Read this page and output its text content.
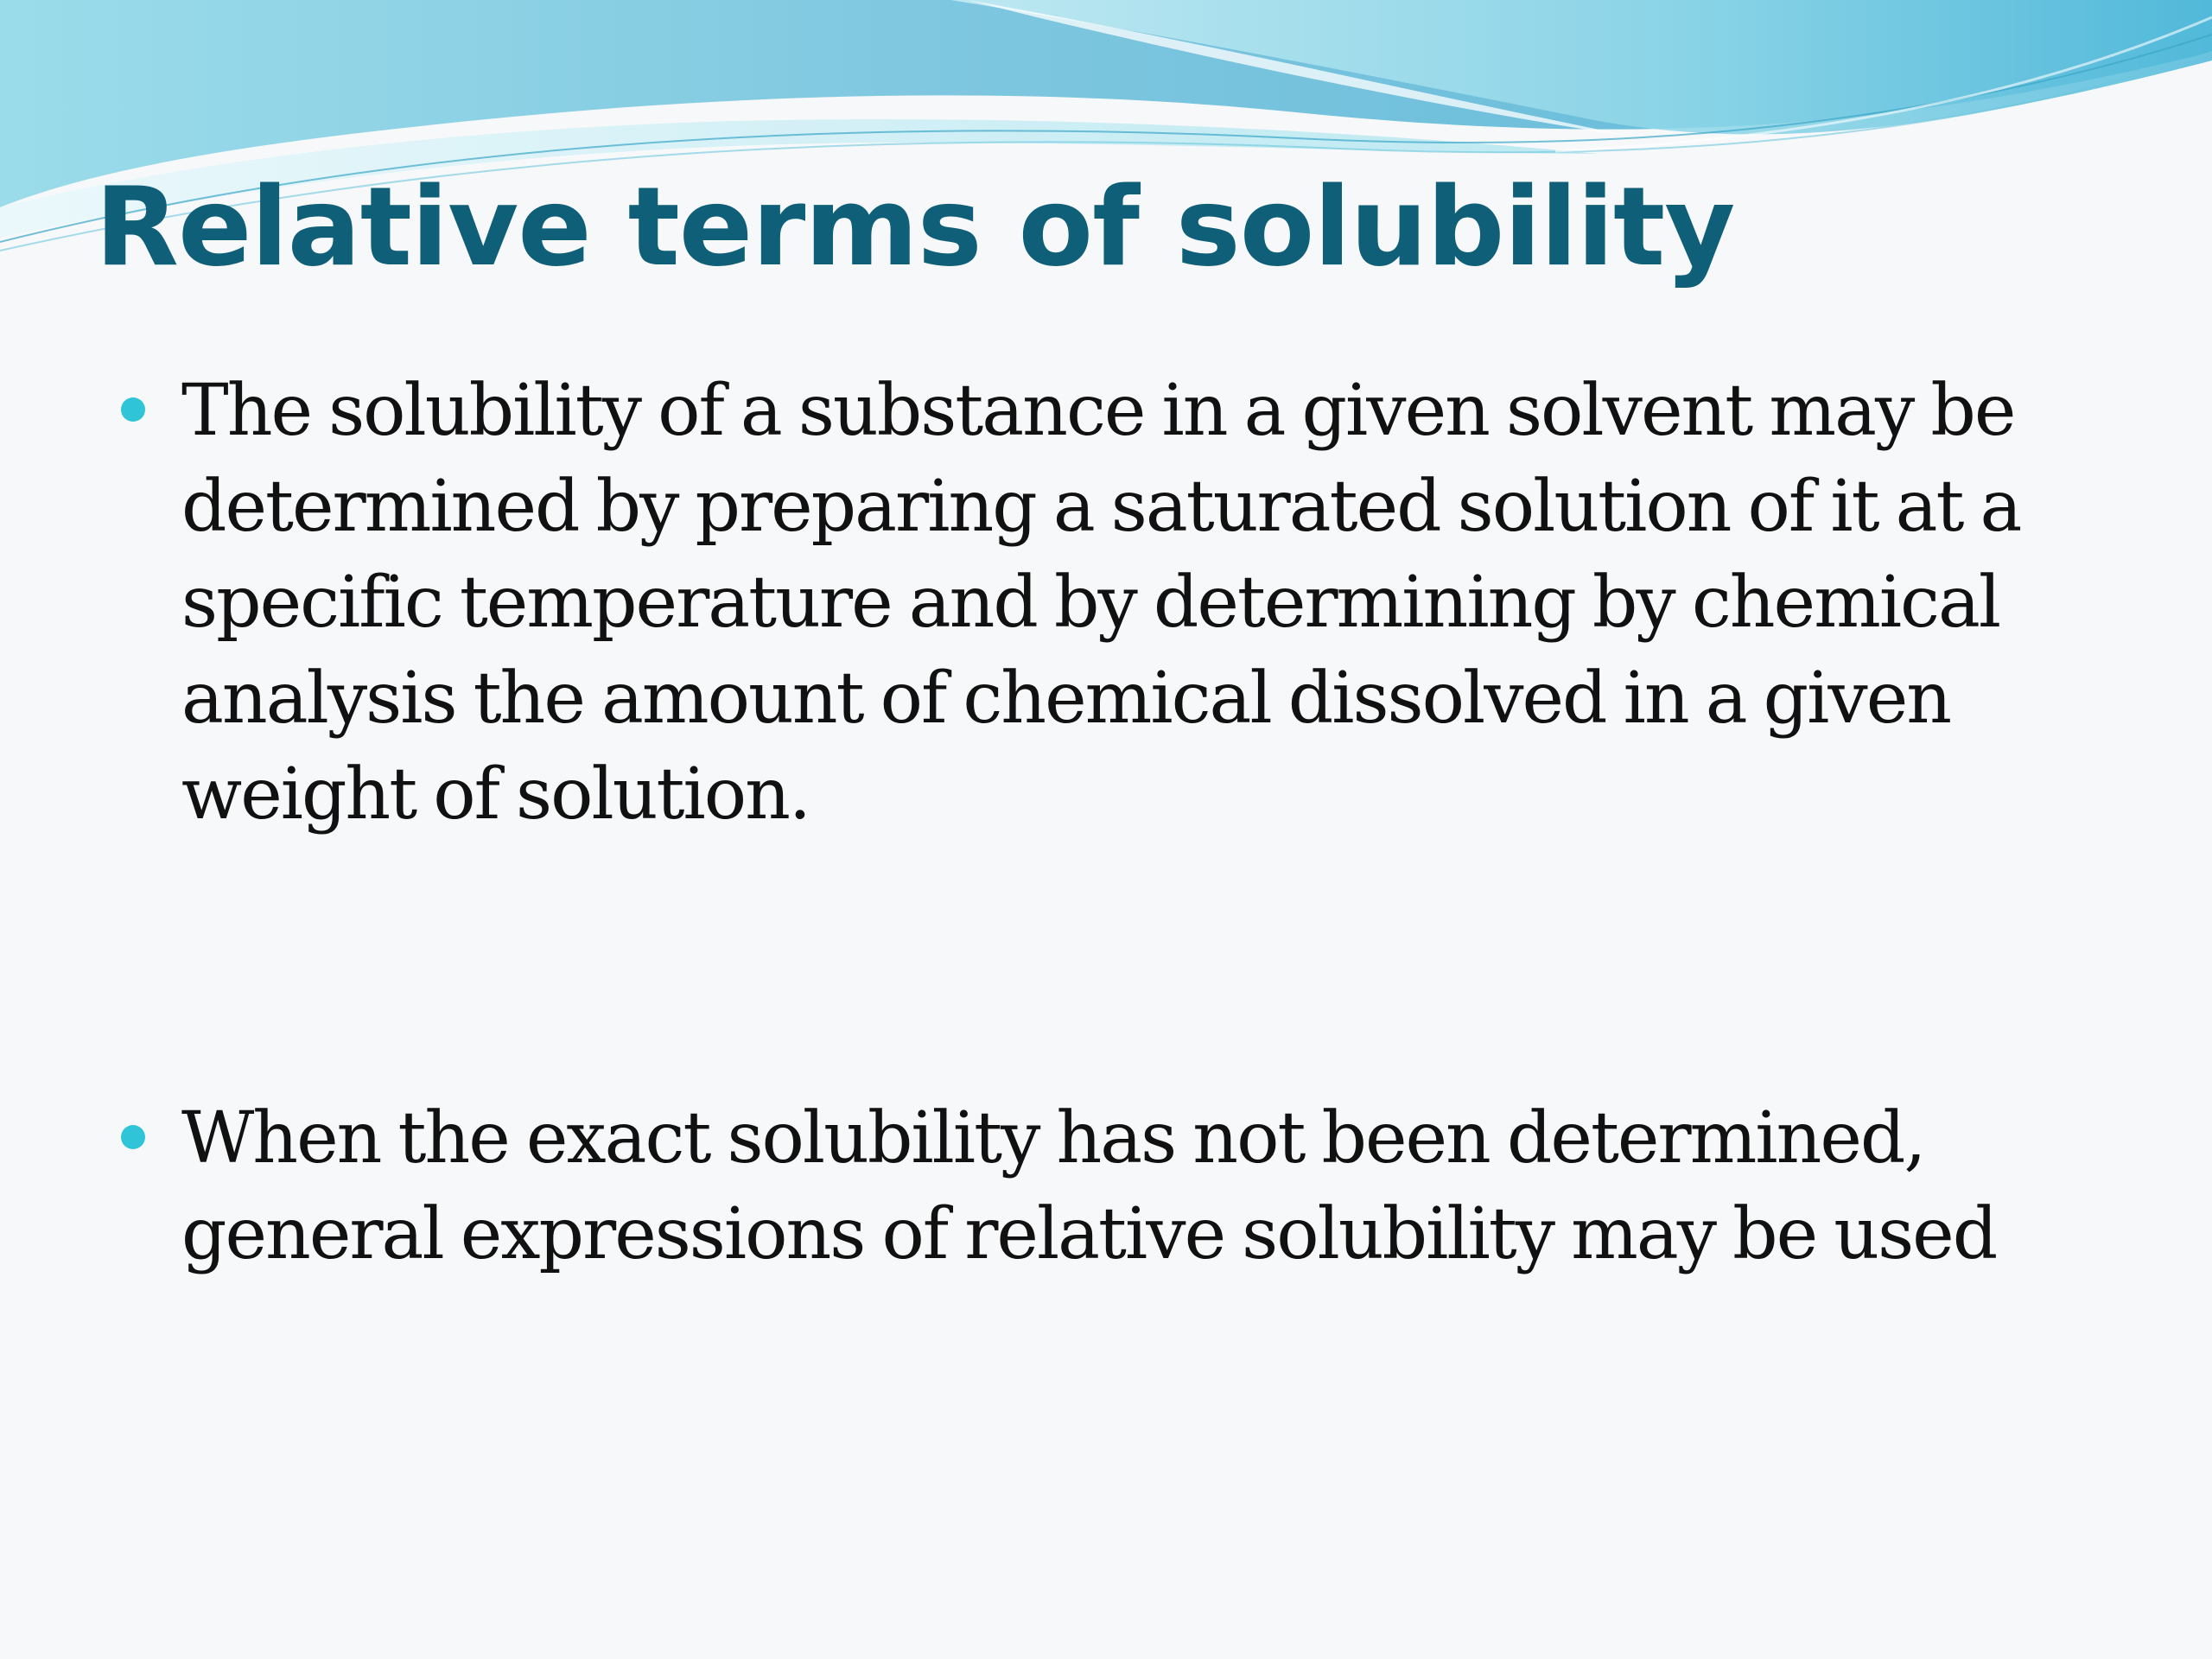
Relative terms of solubility

The solubility of a substance in a given solvent may be determined by preparing a saturated solution of it at a specific temperature and by determining by chemical analysis the amount of chemical dissolved in a given weight of solution.

When the exact solubility has not been determined, general expressions of relative solubility may be used
